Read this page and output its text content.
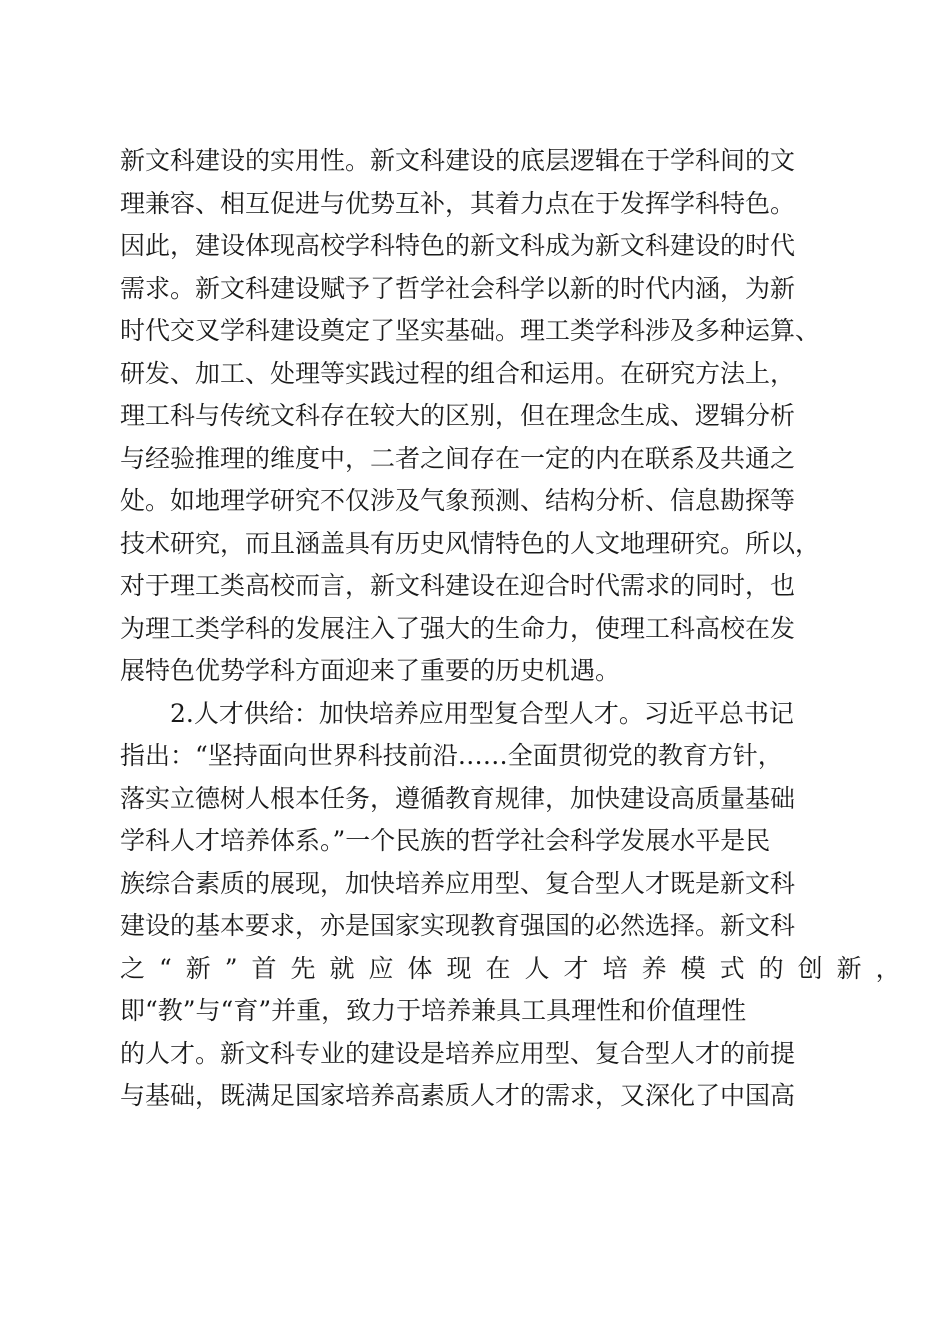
新文科建设的实用性。新文科建设的底层逻辑在于学科间的文
理兼容、相互促进与优势互补，其着力点在于发挥学科特色。
因此，建设体现高校学科特色的新文科成为新文科建设的时代
需求。新文科建设赋予了哲学社会科学以新的时代内涵，为新
时代交叉学科建设奠定了坚实基础。理工类学科涉及多种运算、
研发、加工、处理等实践过程的组合和运用。在研究方法上，
理工科与传统文科存在较大的区别，但在理念生成、逻辑分析
与经验推理的维度中，二者之间存在一定的内在联系及共通之
处。如地理学研究不仅涉及气象预测、结构分析、信息勘探等
技术研究，而且涵盖具有历史风情特色的人文地理研究。所以，
对于理工类高校而言，新文科建设在迎合时代需求的同时，也
为理工类学科的发展注入了强大的生命力，使理工科高校在发
展特色优势学科方面迎来了重要的历史机遇。
2.人才供给：加快培养应用型复合型人才。习近平总书记
指出：“坚持面向世界科技前沿……全面贯彻党的教育方针，
落实立德树人根本任务，遵循教育规律，加快建设高质量基础
学科人才培养体系。”一个民族的哲学社会科学发展水平是民
族综合素质的展现，加快培养应用型、复合型人才既是新文科
建设的基本要求，亦是国家实现教育强国的必然选择。新文科
之“新”首先就应体现在人才培养模式的创新，
即“教”与“育”并重，致力于培养兼具工具理性和价值理性
的人才。新文科专业的建设是培养应用型、复合型人才的前提
与基础，既满足国家培养高素质人才的需求，又深化了中国高
